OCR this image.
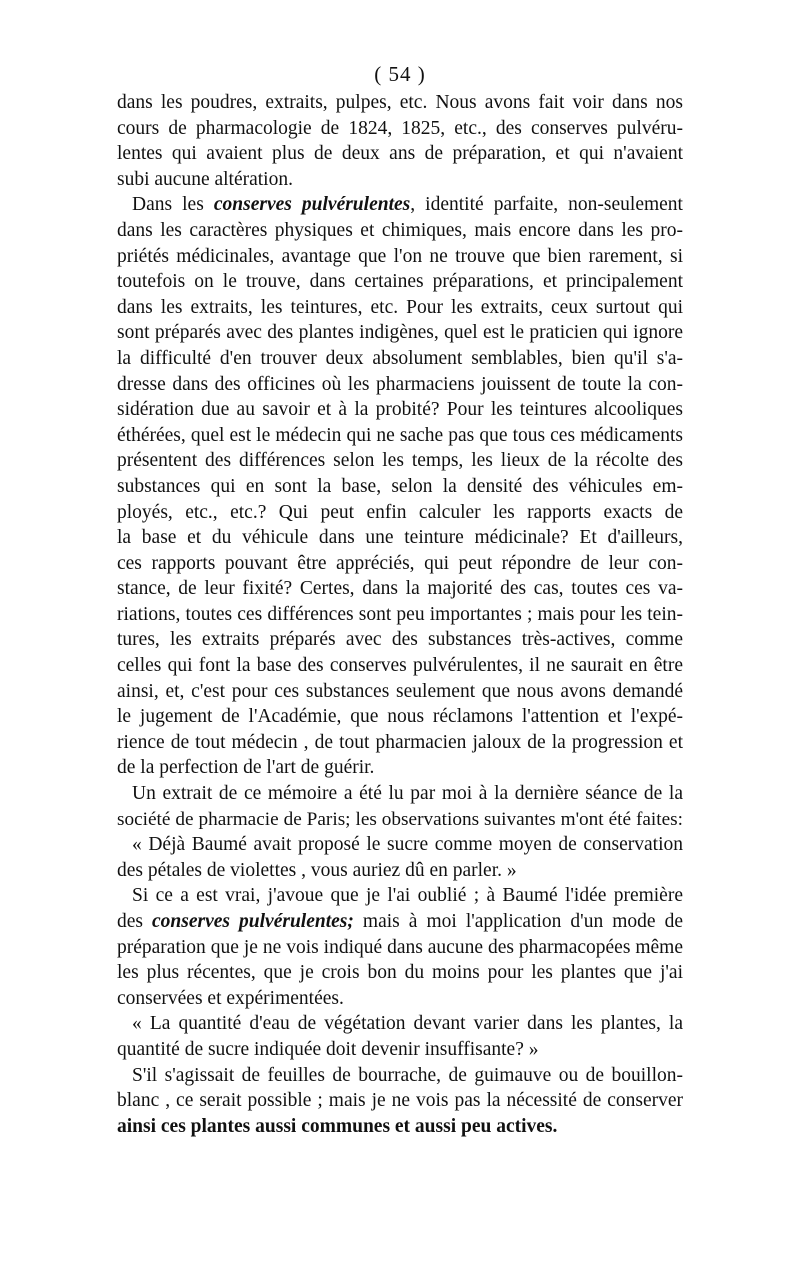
( 54 )
dans les poudres, extraits, pulpes, etc. Nous avons fait voir dans nos
cours de pharmacologie de 1824, 1825, etc., des conserves pulvéru-
lentes qui avaient plus de deux ans de préparation, et qui n'avaient
subi aucune altération.
Dans les conserves pulvérulentes, identité parfaite, non-seulement
dans les caractères physiques et chimiques, mais encore dans les pro-
priétés médicinales, avantage que l'on ne trouve que bien rarement, si
toutefois on le trouve, dans certaines préparations, et principalement
dans les extraits, les teintures, etc. Pour les extraits, ceux surtout qui
sont préparés avec des plantes indigènes, quel est le praticien qui ignore
la difficulté d'en trouver deux absolument semblables, bien qu'il s'a-
dresse dans des officines où les pharmaciens jouissent de toute la con-
sidération due au savoir et à la probité? Pour les teintures alcooliques
éthérées, quel est le médecin qui ne sache pas que tous ces médicaments
présentent des différences selon les temps, les lieux de la récolte des
substances qui en sont la base, selon la densité des véhicules em-
ployés, etc., etc.? Qui peut enfin calculer les rapports exacts de
la base et du véhicule dans une teinture médicinale? Et d'ailleurs,
ces rapports pouvant être appréciés, qui peut répondre de leur con-
stance, de leur fixité? Certes, dans la majorité des cas, toutes ces va-
riations, toutes ces différences sont peu importantes ; mais pour les tein-
tures, les extraits préparés avec des substances très-actives, comme
celles qui font la base des conserves pulvérulentes, il ne saurait en être
ainsi, et, c'est pour ces substances seulement que nous avons demandé
le jugement de l'Académie, que nous réclamons l'attention et l'expé-
rience de tout médecin , de tout pharmacien jaloux de la progression et
de la perfection de l'art de guérir.
Un extrait de ce mémoire a été lu par moi à la dernière séance de la
société de pharmacie de Paris; les observations suivantes m'ont été faites:
« Déjà Baumé avait proposé le sucre comme moyen de conservation
des pétales de violettes , vous auriez dû en parler. »
Si ce a est vrai, j'avoue que je l'ai oublié ; à Baumé l'idée première
des conserves pulvérulentes; mais à moi l'application d'un mode de
préparation que je ne vois indiqué dans aucune des pharmacopées même
les plus récentes, que je crois bon du moins pour les plantes que j'ai
conservées et expérimentées.
« La quantité d'eau de végétation devant varier dans les plantes, la
quantité de sucre indiquée doit devenir insuffisante? »
S'il s'agissait de feuilles de bourrache, de guimauve ou de bouillon-
blanc , ce serait possible ; mais je ne vois pas la nécessité de conserver
ainsi ces plantes aussi communes et aussi peu actives.
